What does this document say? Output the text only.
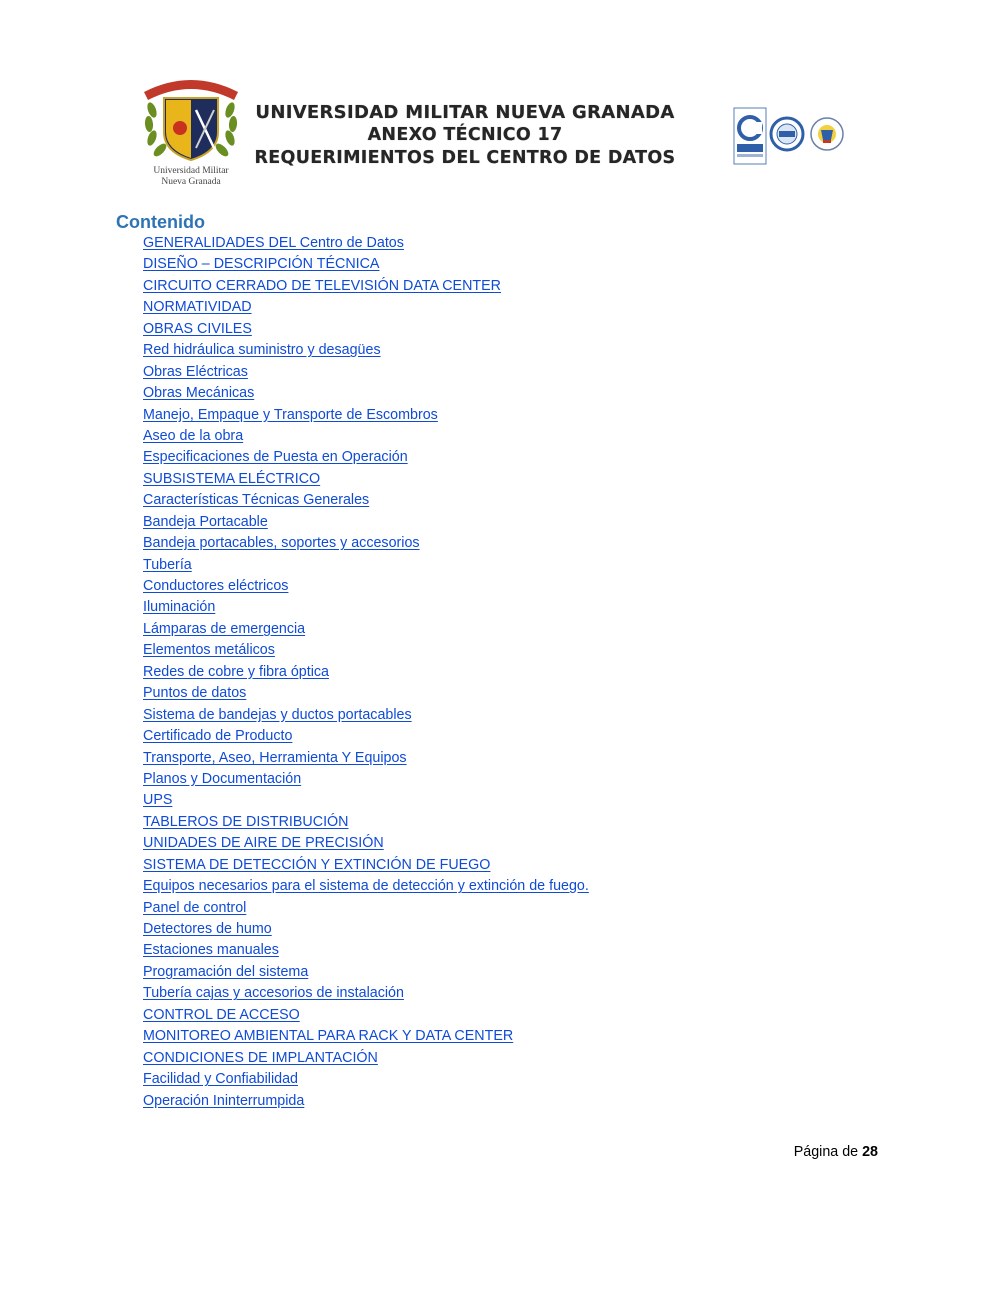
Universidad Militar
Nueva Granada
UNIVERSIDAD MILITAR NUEVA GRANADA
ANEXO TÉCNICO 17
REQUERIMIENTOS DEL CENTRO DE DATOS
Contenido
GENERALIDADES DEL Centro de Datos
DISEÑO – DESCRIPCIÓN TÉCNICA
CIRCUITO CERRADO DE TELEVISIÓN DATA CENTER
NORMATIVIDAD
OBRAS CIVILES
Red hidráulica suministro y desagües
Obras Eléctricas
Obras Mecánicas
Manejo, Empaque y Transporte de Escombros
Aseo de la obra
Especificaciones de Puesta en Operación
SUBSISTEMA ELÉCTRICO
Características Técnicas Generales
Bandeja Portacable
Bandeja portacables, soportes y accesorios
Tubería
Conductores eléctricos
Iluminación
Lámparas de emergencia
Elementos metálicos
Redes de cobre y fibra óptica
Puntos de datos
Sistema de bandejas y ductos portacables
Certificado de Producto
Transporte, Aseo, Herramienta Y Equipos
Planos y Documentación
UPS
TABLEROS DE DISTRIBUCIÓN
UNIDADES DE AIRE DE PRECISIÓN
SISTEMA DE DETECCIÓN Y EXTINCIÓN DE FUEGO
Equipos necesarios para el sistema de detección y extinción de fuego.
Panel de control
Detectores de humo
Estaciones manuales
Programación del sistema
Tubería cajas y accesorios de instalación
CONTROL DE ACCESO
MONITOREO AMBIENTAL PARA RACK Y DATA CENTER
CONDICIONES DE IMPLANTACIÓN
Facilidad y Confiabilidad
Operación Ininterrumpida
Página de 28
